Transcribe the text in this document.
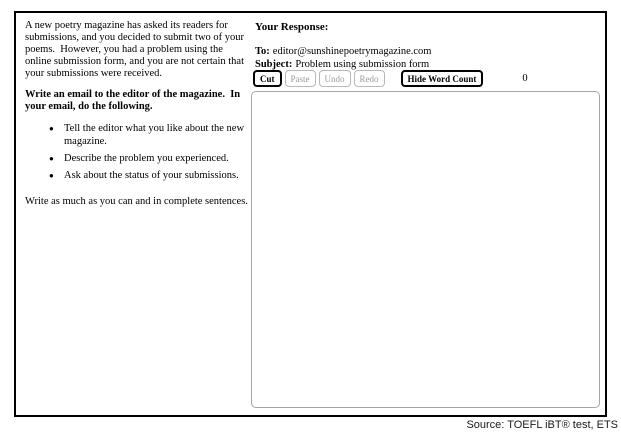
A new poetry magazine has asked its readers for submissions, and you decided to submit two of your poems.  However, you had a problem using the online submission form, and you are not certain that your submissions were received.

Write an email to the editor of the magazine.  In your email, do the following.

● Tell the editor what you like about the new magazine.
● Describe the problem you experienced.
● Ask about the status of your submissions.

Write as much as you can and in complete sentences.

Your Response:
To: editor@sunshinepoetrymagazine.com
Subject: Problem using submission form
Cut	Paste	Undo	Redo	Hide Word Count	0
Source: TOEFL iBT® test, ETS
